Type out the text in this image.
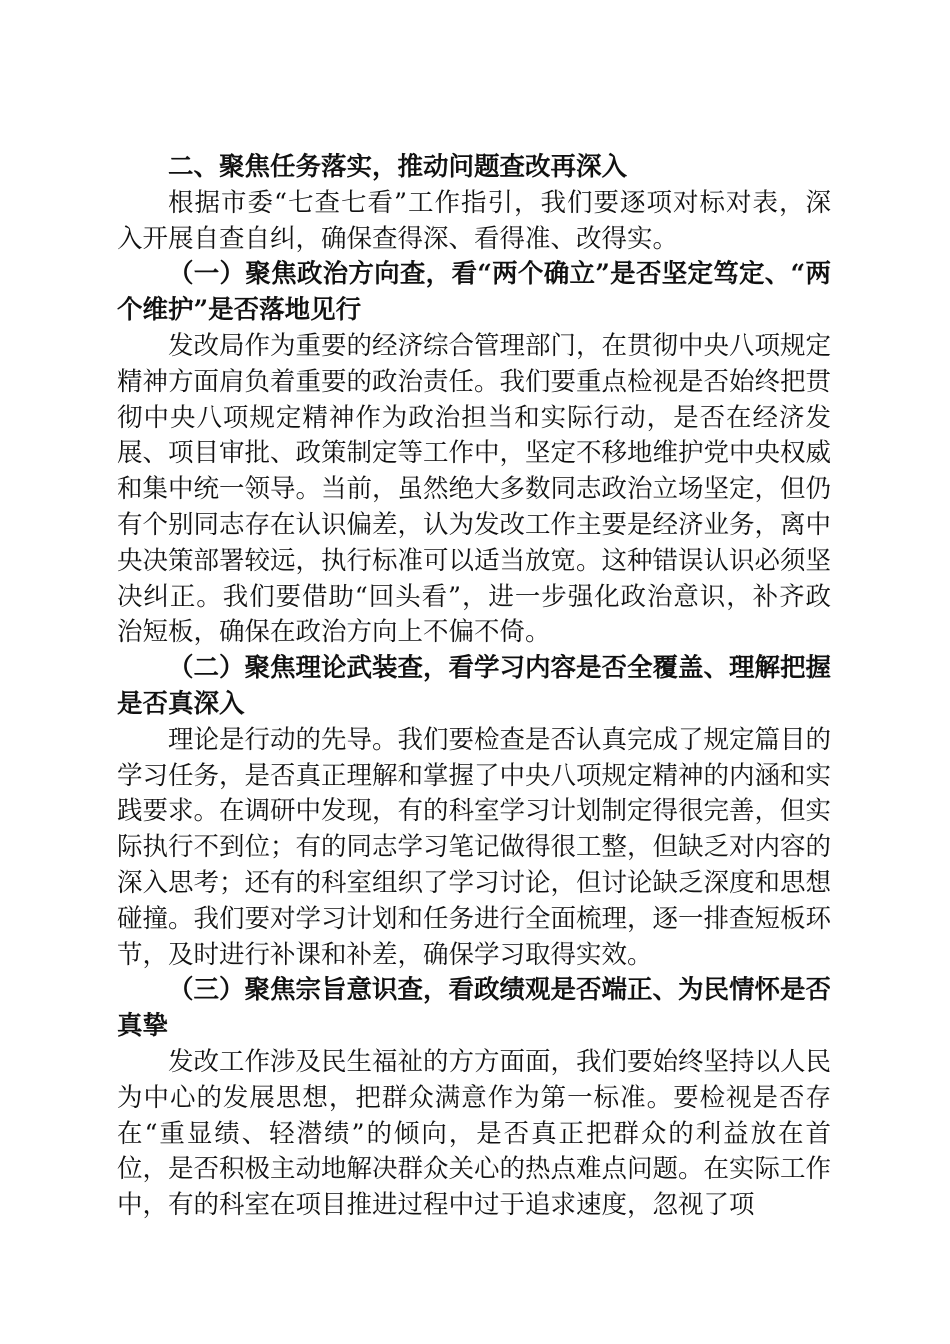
二、聚焦任务落实，推动问题查改再深入

根据市委“七查七看”工作指引，我们要逐项对标对表，深入开展自查自纠，确保查得深、看得准、改得实。

（一）聚焦政治方向查，看“两个确立”是否坚定笃定、“两个维护”是否落地见行

发改局作为重要的经济综合管理部门，在贯彻中央八项规定精神方面肩负着重要的政治责任。我们要重点检视是否始终把贯彻中央八项规定精神作为政治担当和实际行动，是否在经济发展、项目审批、政策制定等工作中，坚定不移地维护党中央权威和集中统一领导。当前，虽然绝大多数同志政治立场坚定，但仍有个别同志存在认识偏差，认为发改工作主要是经济业务，离中央决策部署较远，执行标准可以适当放宽。这种错误认识必须坚决纠正。我们要借助“回头看”，进一步强化政治意识，补齐政治短板，确保在政治方向上不偏不倚。

（二）聚焦理论武装查，看学习内容是否全覆盖、理解把握是否真深入

理论是行动的先导。我们要检查是否认真完成了规定篇目的学习任务，是否真正理解和掌握了中央八项规定精神的内涵和实践要求。在调研中发现，有的科室学习计划制定得很完善，但实际执行不到位；有的同志学习笔记做得很工整，但缺乏对内容的深入思考；还有的科室组织了学习讨论，但讨论缺乏深度和思想碰撞。我们要对学习计划和任务进行全面梳理，逐一排查短板环节，及时进行补课和补差，确保学习取得实效。

（三）聚焦宗旨意识查，看政绩观是否端正、为民情怀是否真挚

发改工作涉及民生福祉的方方面面，我们要始终坚持以人民为中心的发展思想，把群众满意作为第一标准。要检视是否存在“重显绩、轻潜绩”的倾向，是否真正把群众的利益放在首位，是否积极主动地解决群众关心的热点难点问题。在实际工作中，有的科室在项目推进过程中过于追求速度，忽视了项
